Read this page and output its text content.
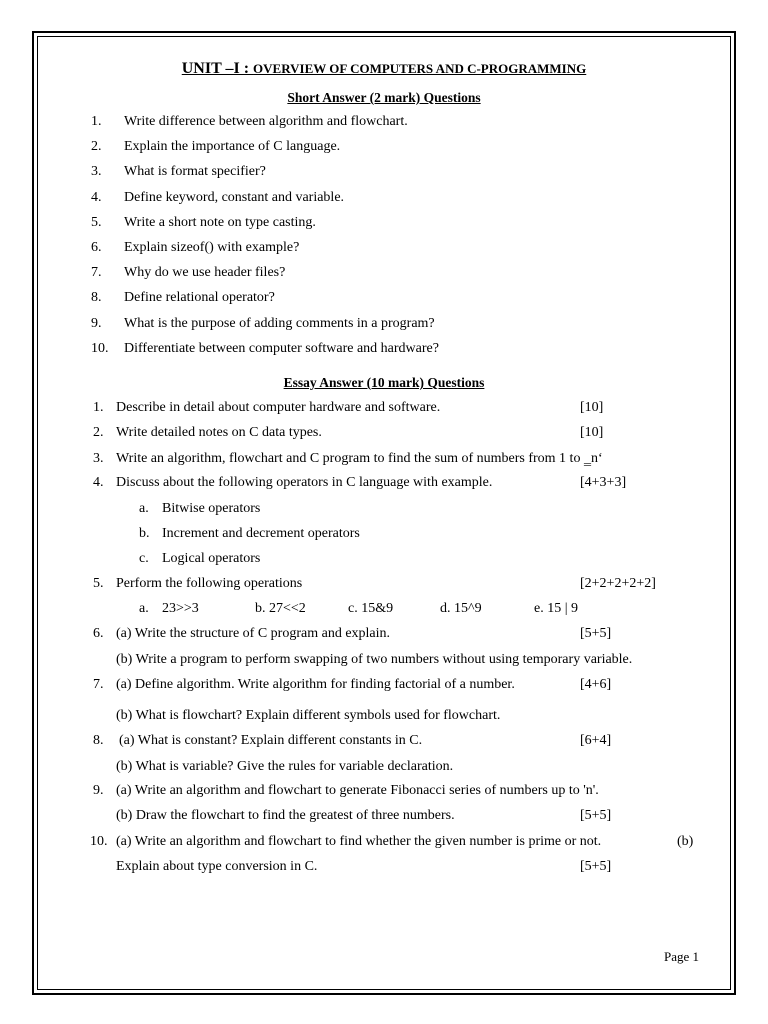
UNIT –I : OVERVIEW OF COMPUTERS AND C-PROGRAMMING
Short Answer (2 mark) Questions
1. Write difference between algorithm and flowchart.
2. Explain the importance of C language.
3. What is format specifier?
4. Define keyword, constant and variable.
5. Write a short note on type casting.
6. Explain sizeof() with example?
7. Why do we use header files?
8. Define relational operator?
9. What is the purpose of adding comments in a program?
10. Differentiate between computer software and hardware?
Essay Answer (10 mark) Questions
1. Describe in detail about computer hardware and software.	[10]
2. Write detailed notes on C data types.	[10]
3. Write an algorithm, flowchart and C program to find the sum of numbers from 1 to ‗n‘
4. Discuss about the following operators in C language with example.	[4+3+3]
a. Bitwise operators
b. Increment and decrement operators
c. Logical operators
5. Perform the following operations	[2+2+2+2+2]
a. 23>>3	b. 27<<2	c. 15&9	d. 15^9	e. 15 | 9
6. (a) Write the structure of C program and explain.	[5+5]
(b) Write a program to perform swapping of two numbers without using temporary variable.
7. (a) Define algorithm. Write algorithm for finding factorial of a number.	[4+6]
(b) What is flowchart? Explain different symbols used for flowchart.
8. (a) What is constant? Explain different constants in C.	[6+4]
(b) What is variable? Give the rules for variable declaration.
9. (a) Write an algorithm and flowchart to generate Fibonacci series of numbers up to 'n'.
(b) Draw the flowchart to find the greatest of three numbers.	[5+5]
10. (a) Write an algorithm and flowchart to find whether the given number is prime or not.	(b)
Explain about type conversion in C.	[5+5]
Page 1
